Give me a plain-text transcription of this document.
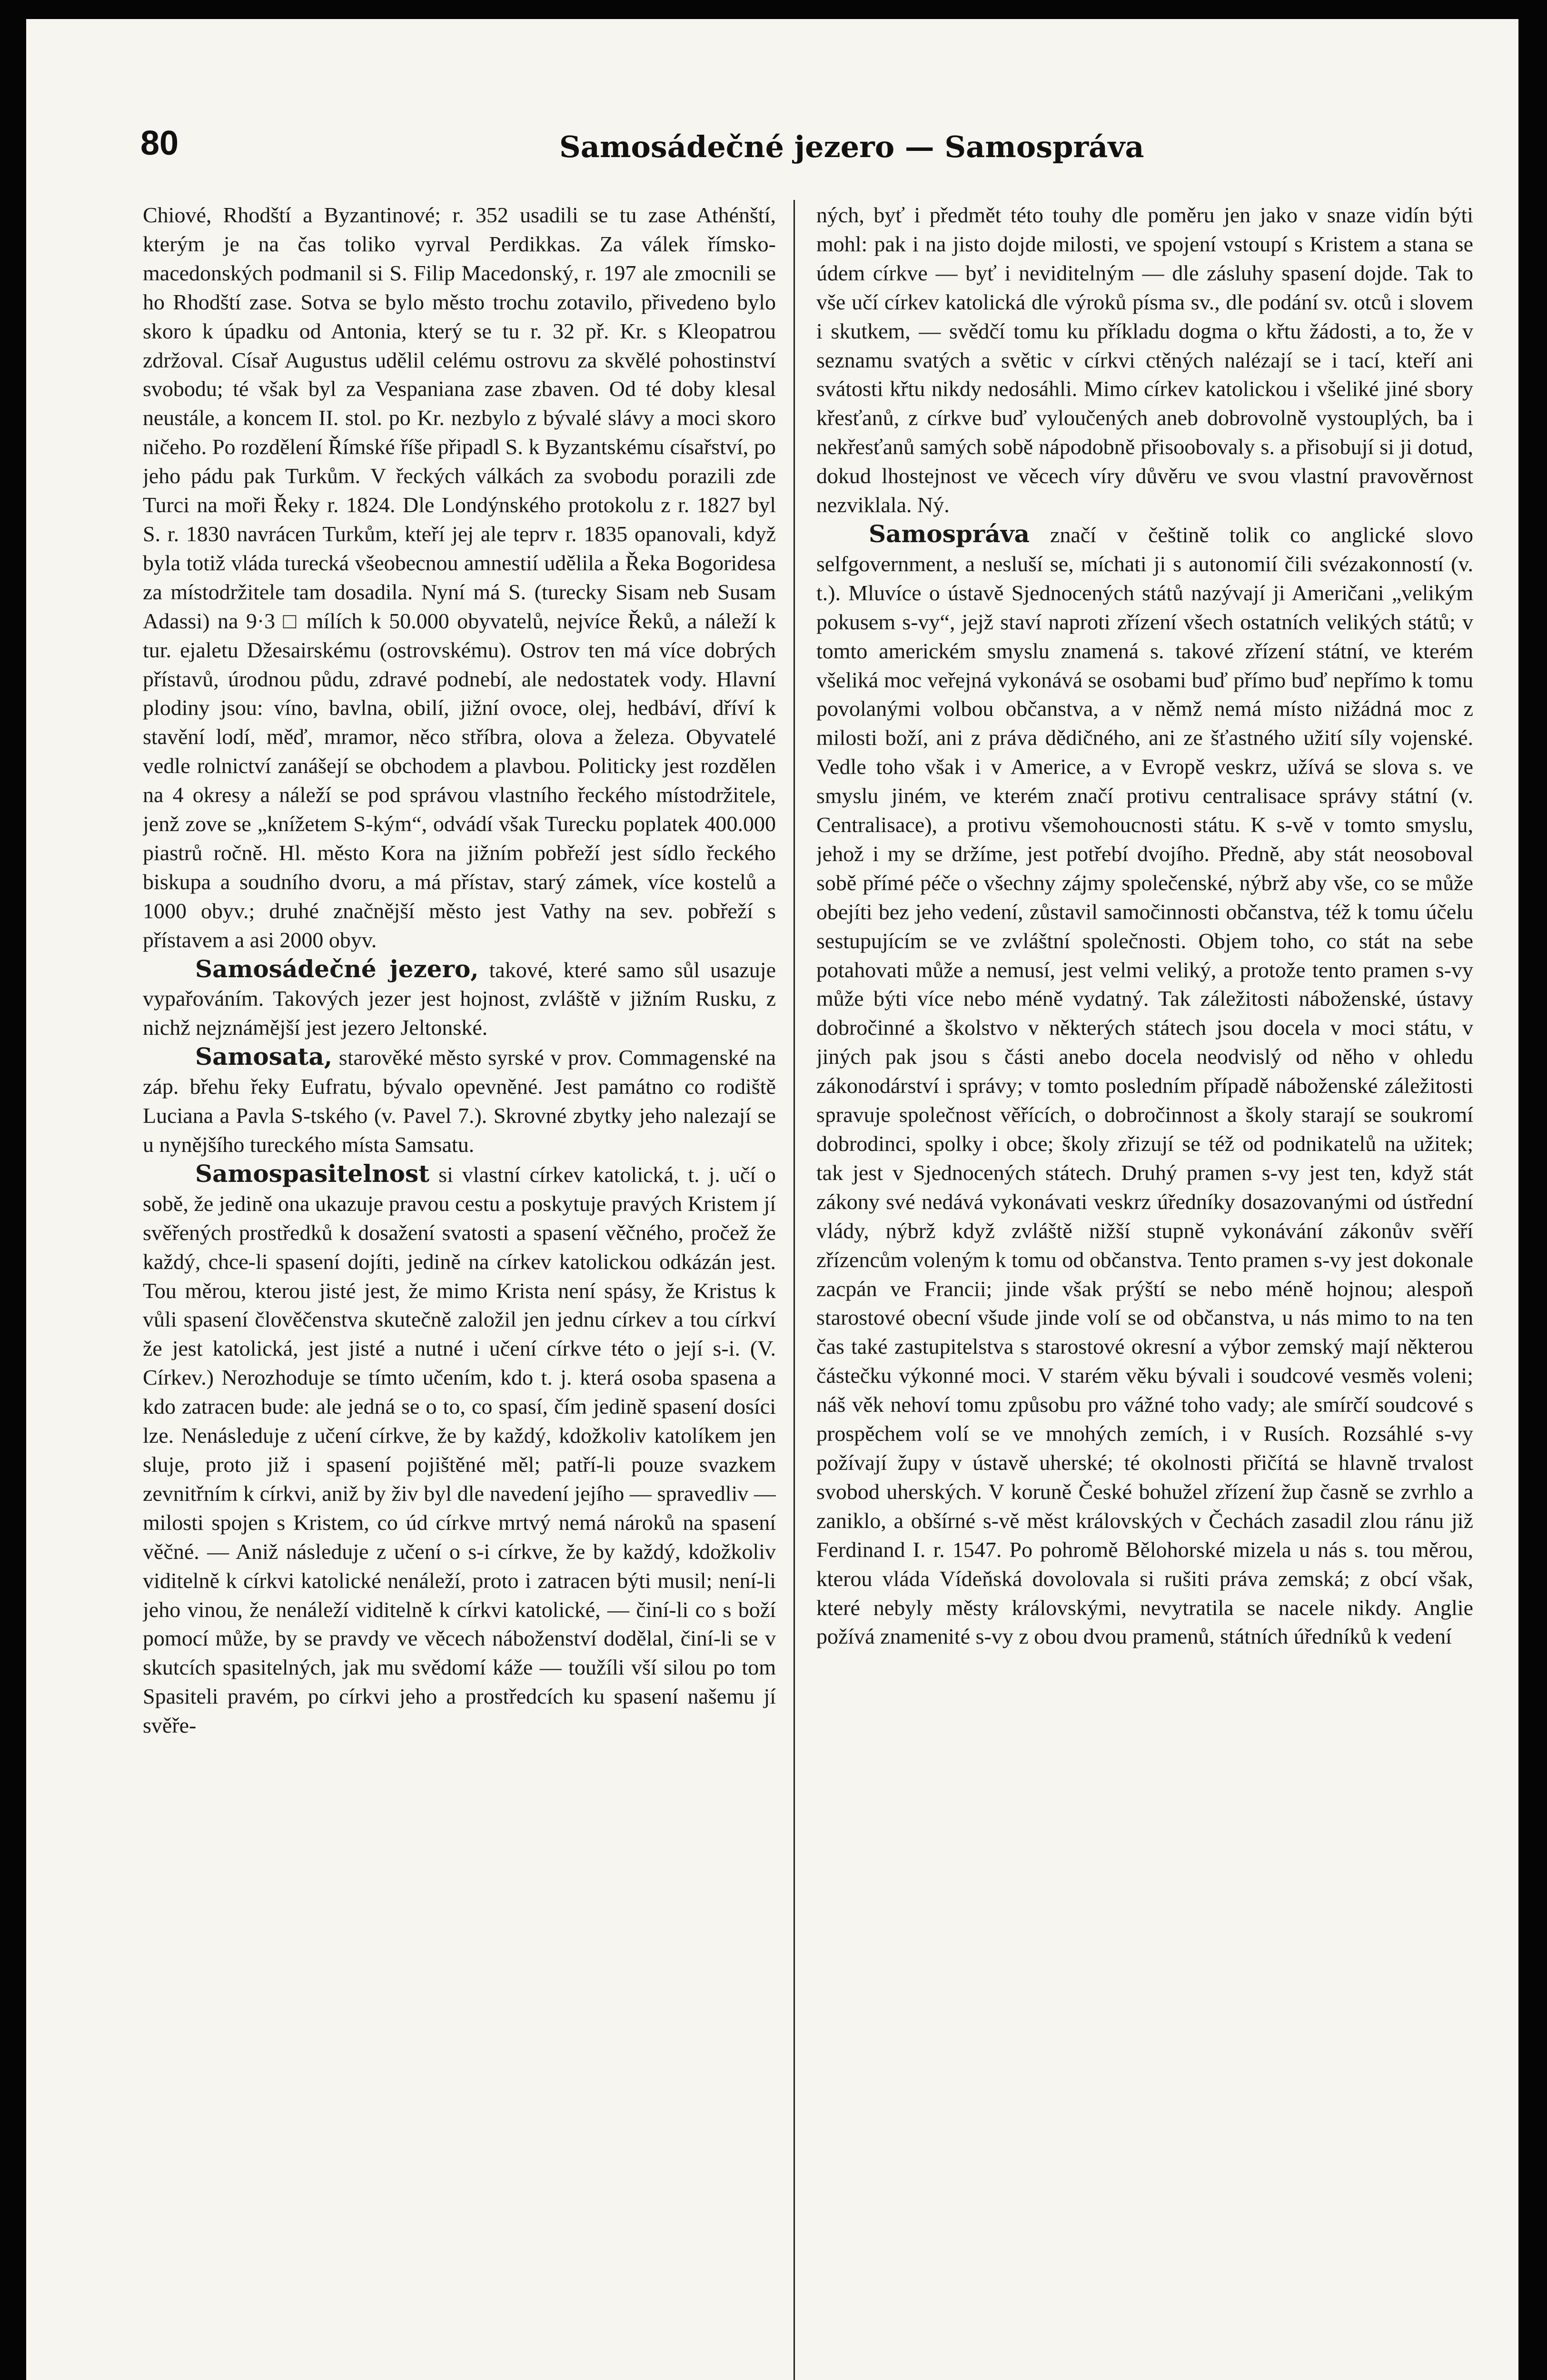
80	Samosádečné jezero — Samospráva

Chiové, Rhodští a Byzantinové; r. 352 usadili se tu zase Athénští, kterým je na čas toliko vyrval Perdikkas. Za válek římsko-macedonských podmanil si S. Filip Macedonský, r. 197 ale zmocnili se ho Rhodští zase. Sotva se bylo město trochu zotavilo, přivedeno bylo skoro k úpadku od Antonia, který se tu r. 32 př. Kr. s Kleopatrou zdržoval. Císař Augustus udělil celému ostrovu za skvělé pohostinství svobodu; té však byl za Vespaniana zase zbaven. Od té doby klesal neustále, a koncem II. stol. po Kr. nezbylo z bývalé slávy a moci skoro ničeho. Po rozdělení Římské říše připadl S. k Byzantskému císařství, po jeho pádu pak Turkům. V řeckých válkách za svobodu porazili zde Turci na moři Řeky r. 1824. Dle Londýnského protokolu z r. 1827 byl S. r. 1830 navrácen Turkům, kteří jej ale teprv r. 1835 opanovali, když byla totiž vláda turecká všeobecnou amnestií udělila a Řeka Bogoridesa za místodržitele tam dosadila. Nyní má S. (turecky Sisam neb Susam Adassi) na 9·3 □ mílích k 50.000 obyvatelů, nejvíce Řeků, a náleží k tur. ejaletu Džesairskému (ostrovskému). Ostrov ten má více dobrých přístavů, úrodnou půdu, zdravé podnebí, ale nedostatek vody. Hlavní plodiny jsou: víno, bavlna, obilí, jižní ovoce, olej, hedbáví, dříví k stavění lodí, měď, mramor, něco stříbra, olova a železa. Obyvatelé vedle rolnictví zanášejí se obchodem a plavbou. Politicky jest rozdělen na 4 okresy a náleží se pod správou vlastního řeckého místodržitele, jenž zove se „knížetem S-kým“, odvádí však Turecku poplatek 400.000 piastrů ročně. Hl. město Kora na jižním pobřeží jest sídlo řeckého biskupa a soudního dvoru, a má přístav, starý zámek, více kostelů a 1000 obyv.; druhé značnější město jest Vathy na sev. pobřeží s přístavem a asi 2000 obyv.

Samosádečné jezero, takové, které samo sůl usazuje vypařováním. Takových jezer jest hojnost, zvláště v jižním Rusku, z nichž nejznámější jest jezero Jeltonské.

Samosata, starověké město syrské v prov. Commagenské na záp. břehu řeky Eufratu, bývalo opevněné. Jest památno co rodiště Luciana a Pavla S-tského (v. Pavel 7.). Skrovné zbytky jeho nalezají se u nynějšího tureckého místa Samsatu.

Samospasitelnost si vlastní církev katolická, t. j. učí o sobě, že jedině ona ukazuje pravou cestu a poskytuje pravých Kristem jí svěřených prostředků k dosažení svatosti a spasení věčného, pročež že každý, chce-li spasení dojíti, jedině na církev katolickou odkázán jest. Tou měrou, kterou jisté jest, že mimo Krista není spásy, že Kristus k vůli spasení člověčenstva skutečně založil jen jednu církev a tou církví že jest katolická, jest jisté a nutné i učení církve této o její s-i. (V. Církev.) Nerozhoduje se tímto učením, kdo t. j. která osoba spasena a kdo zatracen bude: ale jedná se o to, co spasí, čím jedině spasení dosíci lze. Nenásleduje z učení církve, že by každý, kdožkoliv katolíkem jen sluje, proto již i spasení pojištěné měl; patří-li pouze svazkem zevnitřním k církvi, aniž by živ byl dle navedení jejího — spravedliv — milosti spojen s Kristem, co úd církve mrtvý nemá nároků na spasení věčné. — Aniž následuje z učení o s-i církve, že by každý, kdožkoliv viditelně k církvi katolické nenáleží, proto i zatracen býti musil; není-li jeho vinou, že nenáleží viditelně k církvi katolické, — činí-li co s boží pomocí může, by se pravdy ve věcech náboženství dodělal, činí-li se v skutcích spasitelných, jak mu svědomí káže — toužíli vší silou po tom Spasiteli pravém, po církvi jeho a prostředcích ku spasení našemu jí svěře-

ných, byť i předmět této touhy dle poměru jen jako v snaze vidín býti mohl: pak i na jisto dojde milosti, ve spojení vstoupí s Kristem a stana se údem církve — byť i neviditelným — dle zásluhy spasení dojde. Tak to vše učí církev katolická dle výroků písma sv., dle podání sv. otců i slovem i skutkem, — svědčí tomu ku příkladu dogma o křtu žádosti, a to, že v seznamu svatých a světic v církvi ctěných nalézají se i tací, kteří ani svátosti křtu nikdy nedosáhli. Mimo církev katolickou i všeliké jiné sbory křesťanů, z církve buď vyloučených aneb dobrovolně vystouplých, ba i nekřesťanů samých sobě nápodobně přisoobovaly s. a přisobují si ji dotud, dokud lhostejnost ve věcech víry důvěru ve svou vlastní pravověrnost nezviklala. Ný.

Samospráva značí v češtině tolik co anglické slovo selfgovernment, a nesluší se, míchati ji s autonomií čili svézakonností (v. t.). Mluvíce o ústavě Sjednocených států nazývají ji Američani „velikým pokusem s-vy“, jejž staví naproti zřízení všech ostatních velikých států; v tomto americkém smyslu znamená s. takové zřízení státní, ve kterém všeliká moc veřejná vykonává se osobami buď přímo buď nepřímo k tomu povolanými volbou občanstva, a v němž nemá místo nižádná moc z milosti boží, ani z práva dědičného, ani ze šťastného užití síly vojenské. Vedle toho však i v Americe, a v Evropě veskrz, užívá se slova s. ve smyslu jiném, ve kterém značí protivu centralisace správy státní (v. Centralisace), a protivu všemohoucnosti státu. K s-vě v tomto smyslu, jehož i my se držíme, jest potřebí dvojího. Předně, aby stát neosoboval sobě přímé péče o všechny zájmy společenské, nýbrž aby vše, co se může obejíti bez jeho vedení, zůstavil samočinnosti občanstva, též k tomu účelu sestupujícím se ve zvláštní společnosti. Objem toho, co stát na sebe potahovati může a nemusí, jest velmi veliký, a protože tento pramen s-vy může býti více nebo méně vydatný. Tak záležitosti náboženské, ústavy dobročinné a školstvo v některých státech jsou docela v moci státu, v jiných pak jsou s části anebo docela neodvislý od něho v ohledu zákonodárství i správy; v tomto posledním případě náboženské záležitosti spravuje společnost věřících, o dobročinnost a školy starají se soukromí dobrodinci, spolky i obce; školy zřizují se též od podnikatelů na užitek; tak jest v Sjednocených státech. Druhý pramen s-vy jest ten, když stát zákony své nedává vykonávati veskrz úředníky dosazovanými od ústřední vlády, nýbrž když zvláště nižší stupně vykonávání zákonův svěří zřízencům voleným k tomu od občanstva. Tento pramen s-vy jest dokonale zacpán ve Francii; jinde však prýští se nebo méně hojnou; alespoň starostové obecní všude jinde volí se od občanstva, u nás mimo to na ten čas také zastupitelstva s starostové okresní a výbor zemský mají některou částečku výkonné moci. V starém věku bývali i soudcové vesměs voleni; náš věk nehoví tomu způsobu pro vážné toho vady; ale smírčí soudcové s prospěchem volí se ve mnohých zemích, i v Rusích. Rozsáhlé s-vy požívají župy v ústavě uherské; té okolnosti přičítá se hlavně trvalost svobod uherských. V koruně České bohužel zřízení žup časně se zvrhlo a zaniklo, a obšírné s-vě měst královských v Čechách zasadil zlou ránu již Ferdinand I. r. 1547. Po pohromě Bělohorské mizela u nás s. tou měrou, kterou vláda Vídeňská dovolovala si rušiti práva zemská; z obcí však, které nebyly městy královskými, nevytratila se nacele nikdy. Anglie požívá znamenité s-vy z obou dvou pramenů, státních úředníků k vedení
